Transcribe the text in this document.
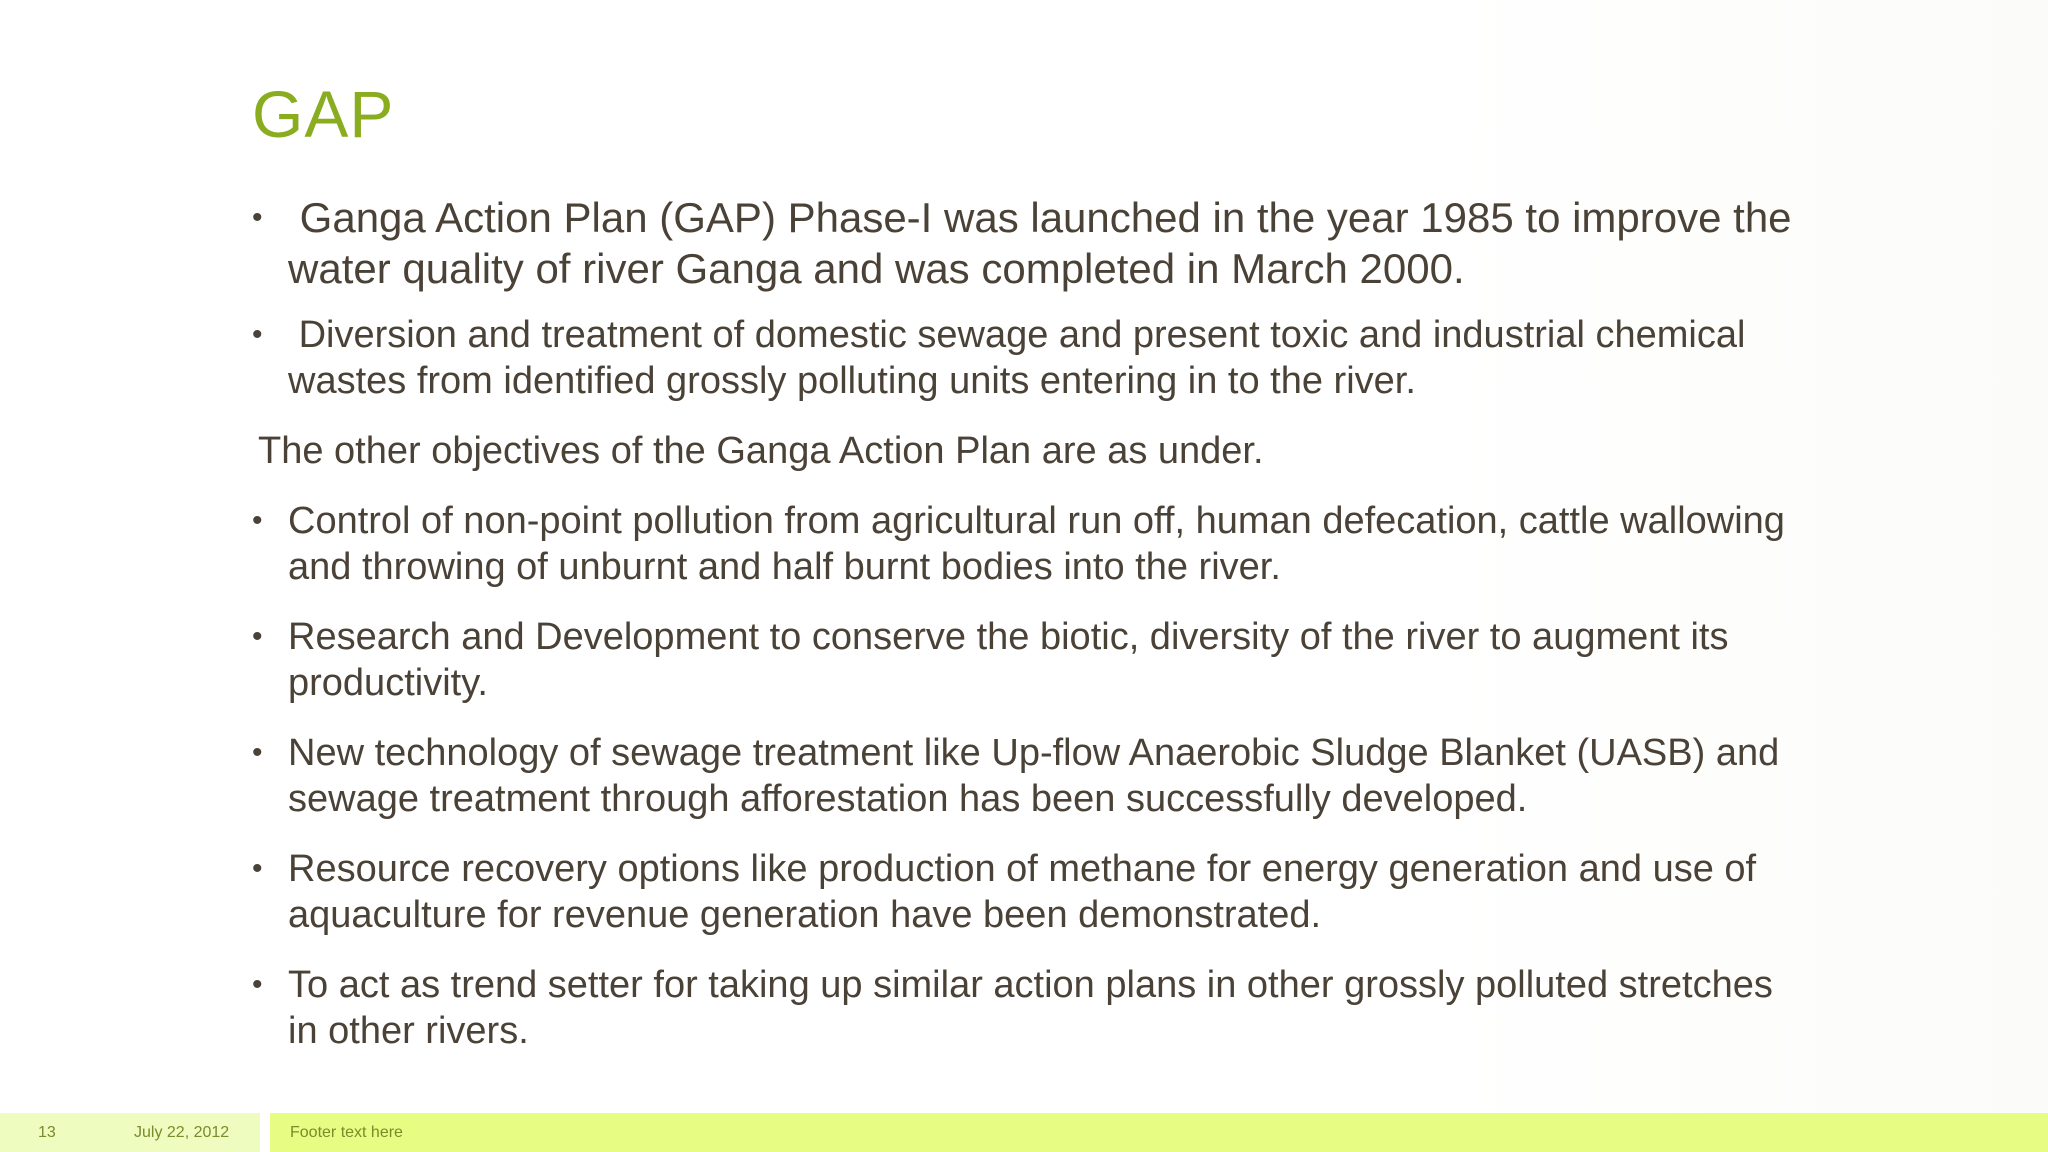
GAP
• Ganga Action Plan (GAP) Phase-I was launched in the year 1985 to improve the water quality of river Ganga and was completed in March 2000.
• Diversion and treatment of domestic sewage and present toxic and industrial chemical wastes from identified grossly polluting units entering in to the river.
The other objectives of the Ganga Action Plan are as under.
• Control of non-point pollution from agricultural run off, human defecation, cattle wallowing and throwing of unburnt and half burnt bodies into the river.
• Research and Development to conserve the biotic, diversity of the river to augment its productivity.
• New technology of sewage treatment like Up-flow Anaerobic Sludge Blanket (UASB) and sewage treatment through afforestation has been successfully developed.
• Resource recovery options like production of methane for energy generation and use of aquaculture for revenue generation have been demonstrated.
• To act as trend setter for taking up similar action plans in other grossly polluted stretches in other rivers.
13	July 22, 2012	Footer text here
